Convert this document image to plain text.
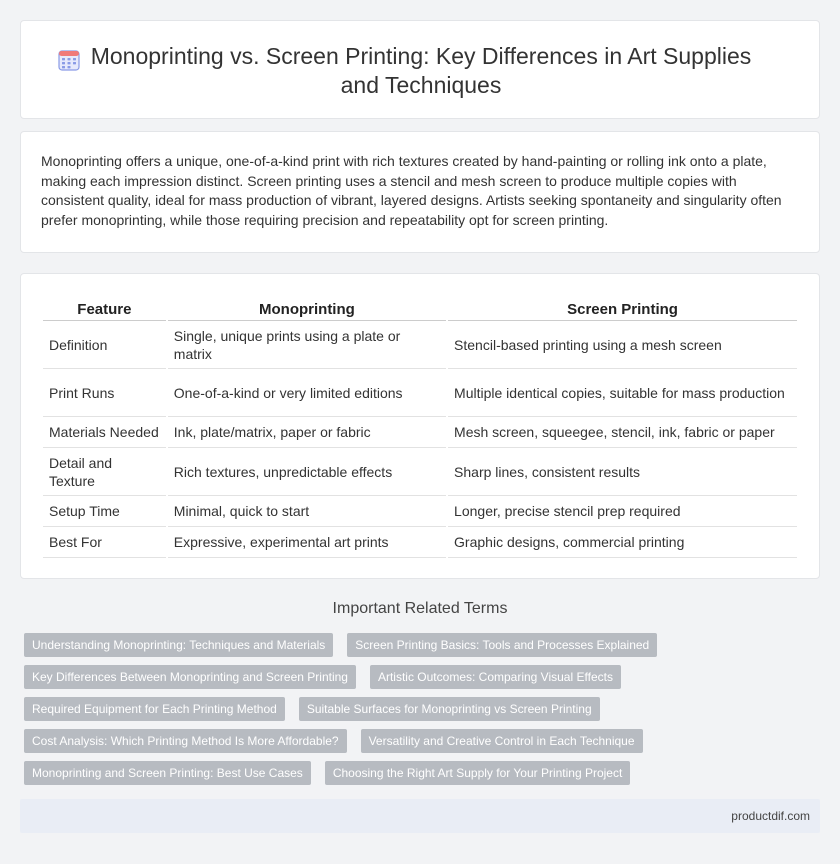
Monoprinting vs. Screen Printing: Key Differences in Art Supplies and Techniques

Monoprinting offers a unique, one-of-a-kind print with rich textures created by hand-painting or rolling ink onto a plate, making each impression distinct. Screen printing uses a stencil and mesh screen to produce multiple copies with consistent quality, ideal for mass production of vibrant, layered designs. Artists seeking spontaneity and singularity often prefer monoprinting, while those requiring precision and repeatability opt for screen printing.

Feature	Monoprinting	Screen Printing
Definition	Single, unique prints using a plate or matrix	Stencil-based printing using a mesh screen
Print Runs	One-of-a-kind or very limited editions	Multiple identical copies, suitable for mass production
Materials Needed	Ink, plate/matrix, paper or fabric	Mesh screen, squeegee, stencil, ink, fabric or paper
Detail and Texture	Rich textures, unpredictable effects	Sharp lines, consistent results
Setup Time	Minimal, quick to start	Longer, precise stencil prep required
Best For	Expressive, experimental art prints	Graphic designs, commercial printing
Important Related Terms
Understanding Monoprinting: Techniques and Materials	Screen Printing Basics: Tools and Processes Explained
Key Differences Between Monoprinting and Screen Printing	Artistic Outcomes: Comparing Visual Effects
Required Equipment for Each Printing Method	Suitable Surfaces for Monoprinting vs Screen Printing
Cost Analysis: Which Printing Method Is More Affordable?	Versatility and Creative Control in Each Technique
Monoprinting and Screen Printing: Best Use Cases	Choosing the Right Art Supply for Your Printing Project
productdif.com
